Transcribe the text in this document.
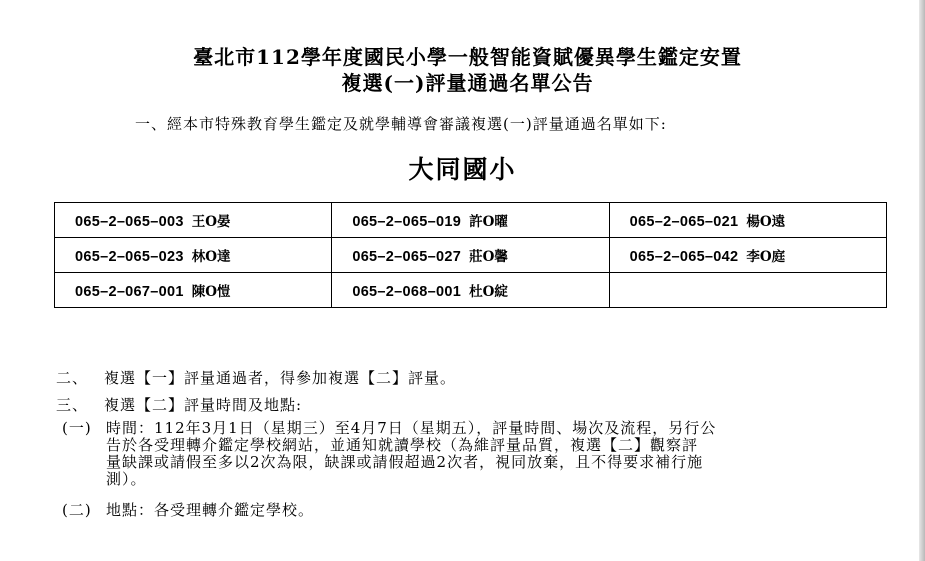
臺北市112學年度國民小學一般智能資賦優異學生鑑定安置
複選(一)評量通過名單公告
一、經本市特殊教育學生鑑定及就學輔導會審議複選(一)評量通過名單如下:
大同國小
065–2–065–003 王O晏	065–2–065–019 許O曜	065–2–065–021 楊O遠
065–2–065–023 林O達	065–2–065–027 莊O馨	065–2–065–042 李O庭
065–2–067–001 陳O愷	065–2–068–001 杜O綻	
二、 複選【一】評量通過者，得參加複選【二】評量。
三、 複選【二】評量時間及地點:
(一) 時間：112年3月1日（星期三）至4月7日（星期五），評量時間、場次及流程，另行公
告於各受理轉介鑑定學校網站，並通知就讀學校（為維評量品質，複選【二】觀察評
量缺課或請假至多以2次為限，缺課或請假超過2次者，視同放棄，且不得要求補行施
測）。
(二) 地點：各受理轉介鑑定學校。
